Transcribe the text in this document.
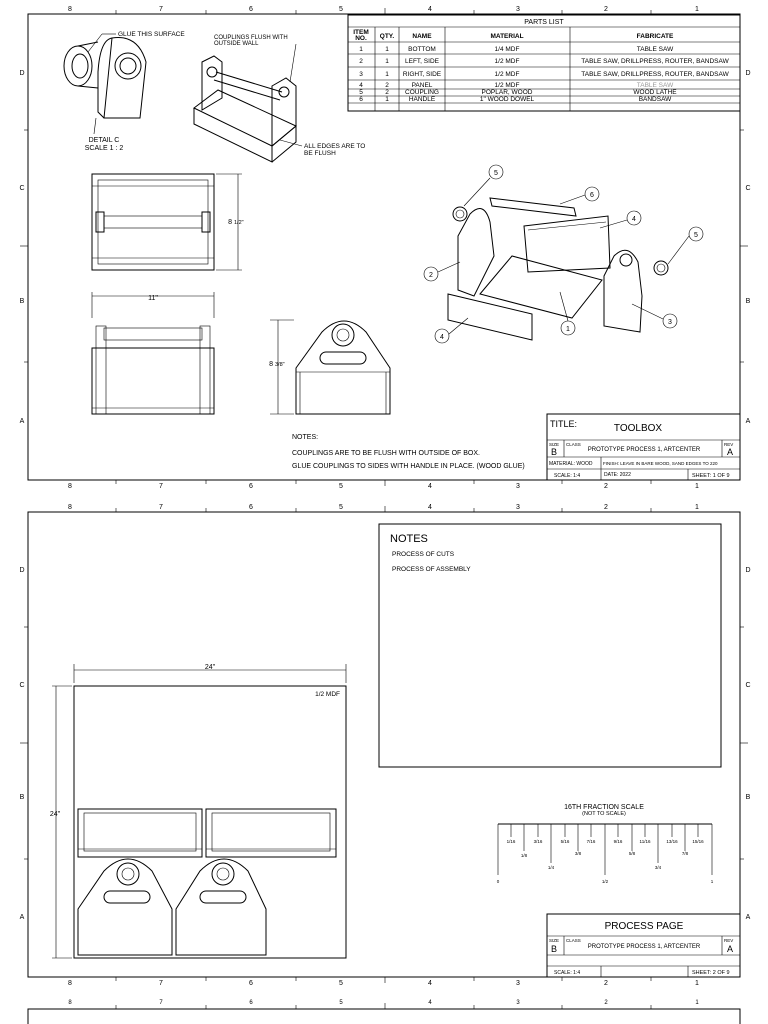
8	7	6	5	4	3	2	1
8	7	6	5	4	3	2	1
D
C
B
A
D
C
B
A
PARTS LIST
ITEM
NO. QTY.	NAME	MATERIAL	FABRICATE
1	1	BOTTOM	1/4 MDF	TABLE SAW
2	1 LEFT, SIDE	1/2 MDF	TABLE SAW, DRILLPRESS, ROUTER, BANDSAW
3	1 RIGHT, SIDE	1/2 MDF	TABLE SAW, DRILLPRESS, ROUTER, BANDSAW
4	2	PANEL	1/2 MDF	TABLE SAW
5	2 COUPLING	POPLAR, WOOD	WOOD LATHE
6	1	HANDLE	1" WOOD DOWEL	BANDSAW
GLUE THIS SURFACE
DETAIL C
SCALE 1 : 2
COUPLINGS FLUSH WITH
OUTSIDE WALL
ALL EDGES ARE TO
BE FLUSH
8 1/2"
11"
8 3/8"
5
6
4
5
2
3
1
4
NOTES:
COUPLINGS ARE TO BE FLUSH WITH OUTSIDE OF BOX.
GLUE COUPLINGS TO SIDES WITH HANDLE IN PLACE. (WOOD GLUE)
TITLE:	TOOLBOX
SIZE
B
CLASS
PROTOTYPE PROCESS 1, ARTCENTER
REV
A
MATERIAL: WOOD FINISH: LEAVE IN BARE WOOD, SAND EDGES TO 220
SCALE: 1:4	DATE: 2022	SHEET: 1 OF 9
8	7	6	5	4	3	2	1
8	7	6	5	4	3	2	1
D
C
B
A
D
C
B
A
NOTES
PROCESS OF CUTS
PROCESS OF ASSEMBLY
24"
24"
1/2 MDF
16TH FRACTION SCALE
(NOT TO SCALE)
1/16	3/16	5/16	7/16	9/16	11/16	13/16	15/16
1/8	3/8	5/8	7/8
1/4	3/4
0	1/2	1
PROCESS PAGE
SIZE
B
CLASS
PROTOTYPE PROCESS 1, ARTCENTER
REV
A
SCALE: 1:4	SHEET: 2 OF 9
8	7	6	5	4	3	2	1
